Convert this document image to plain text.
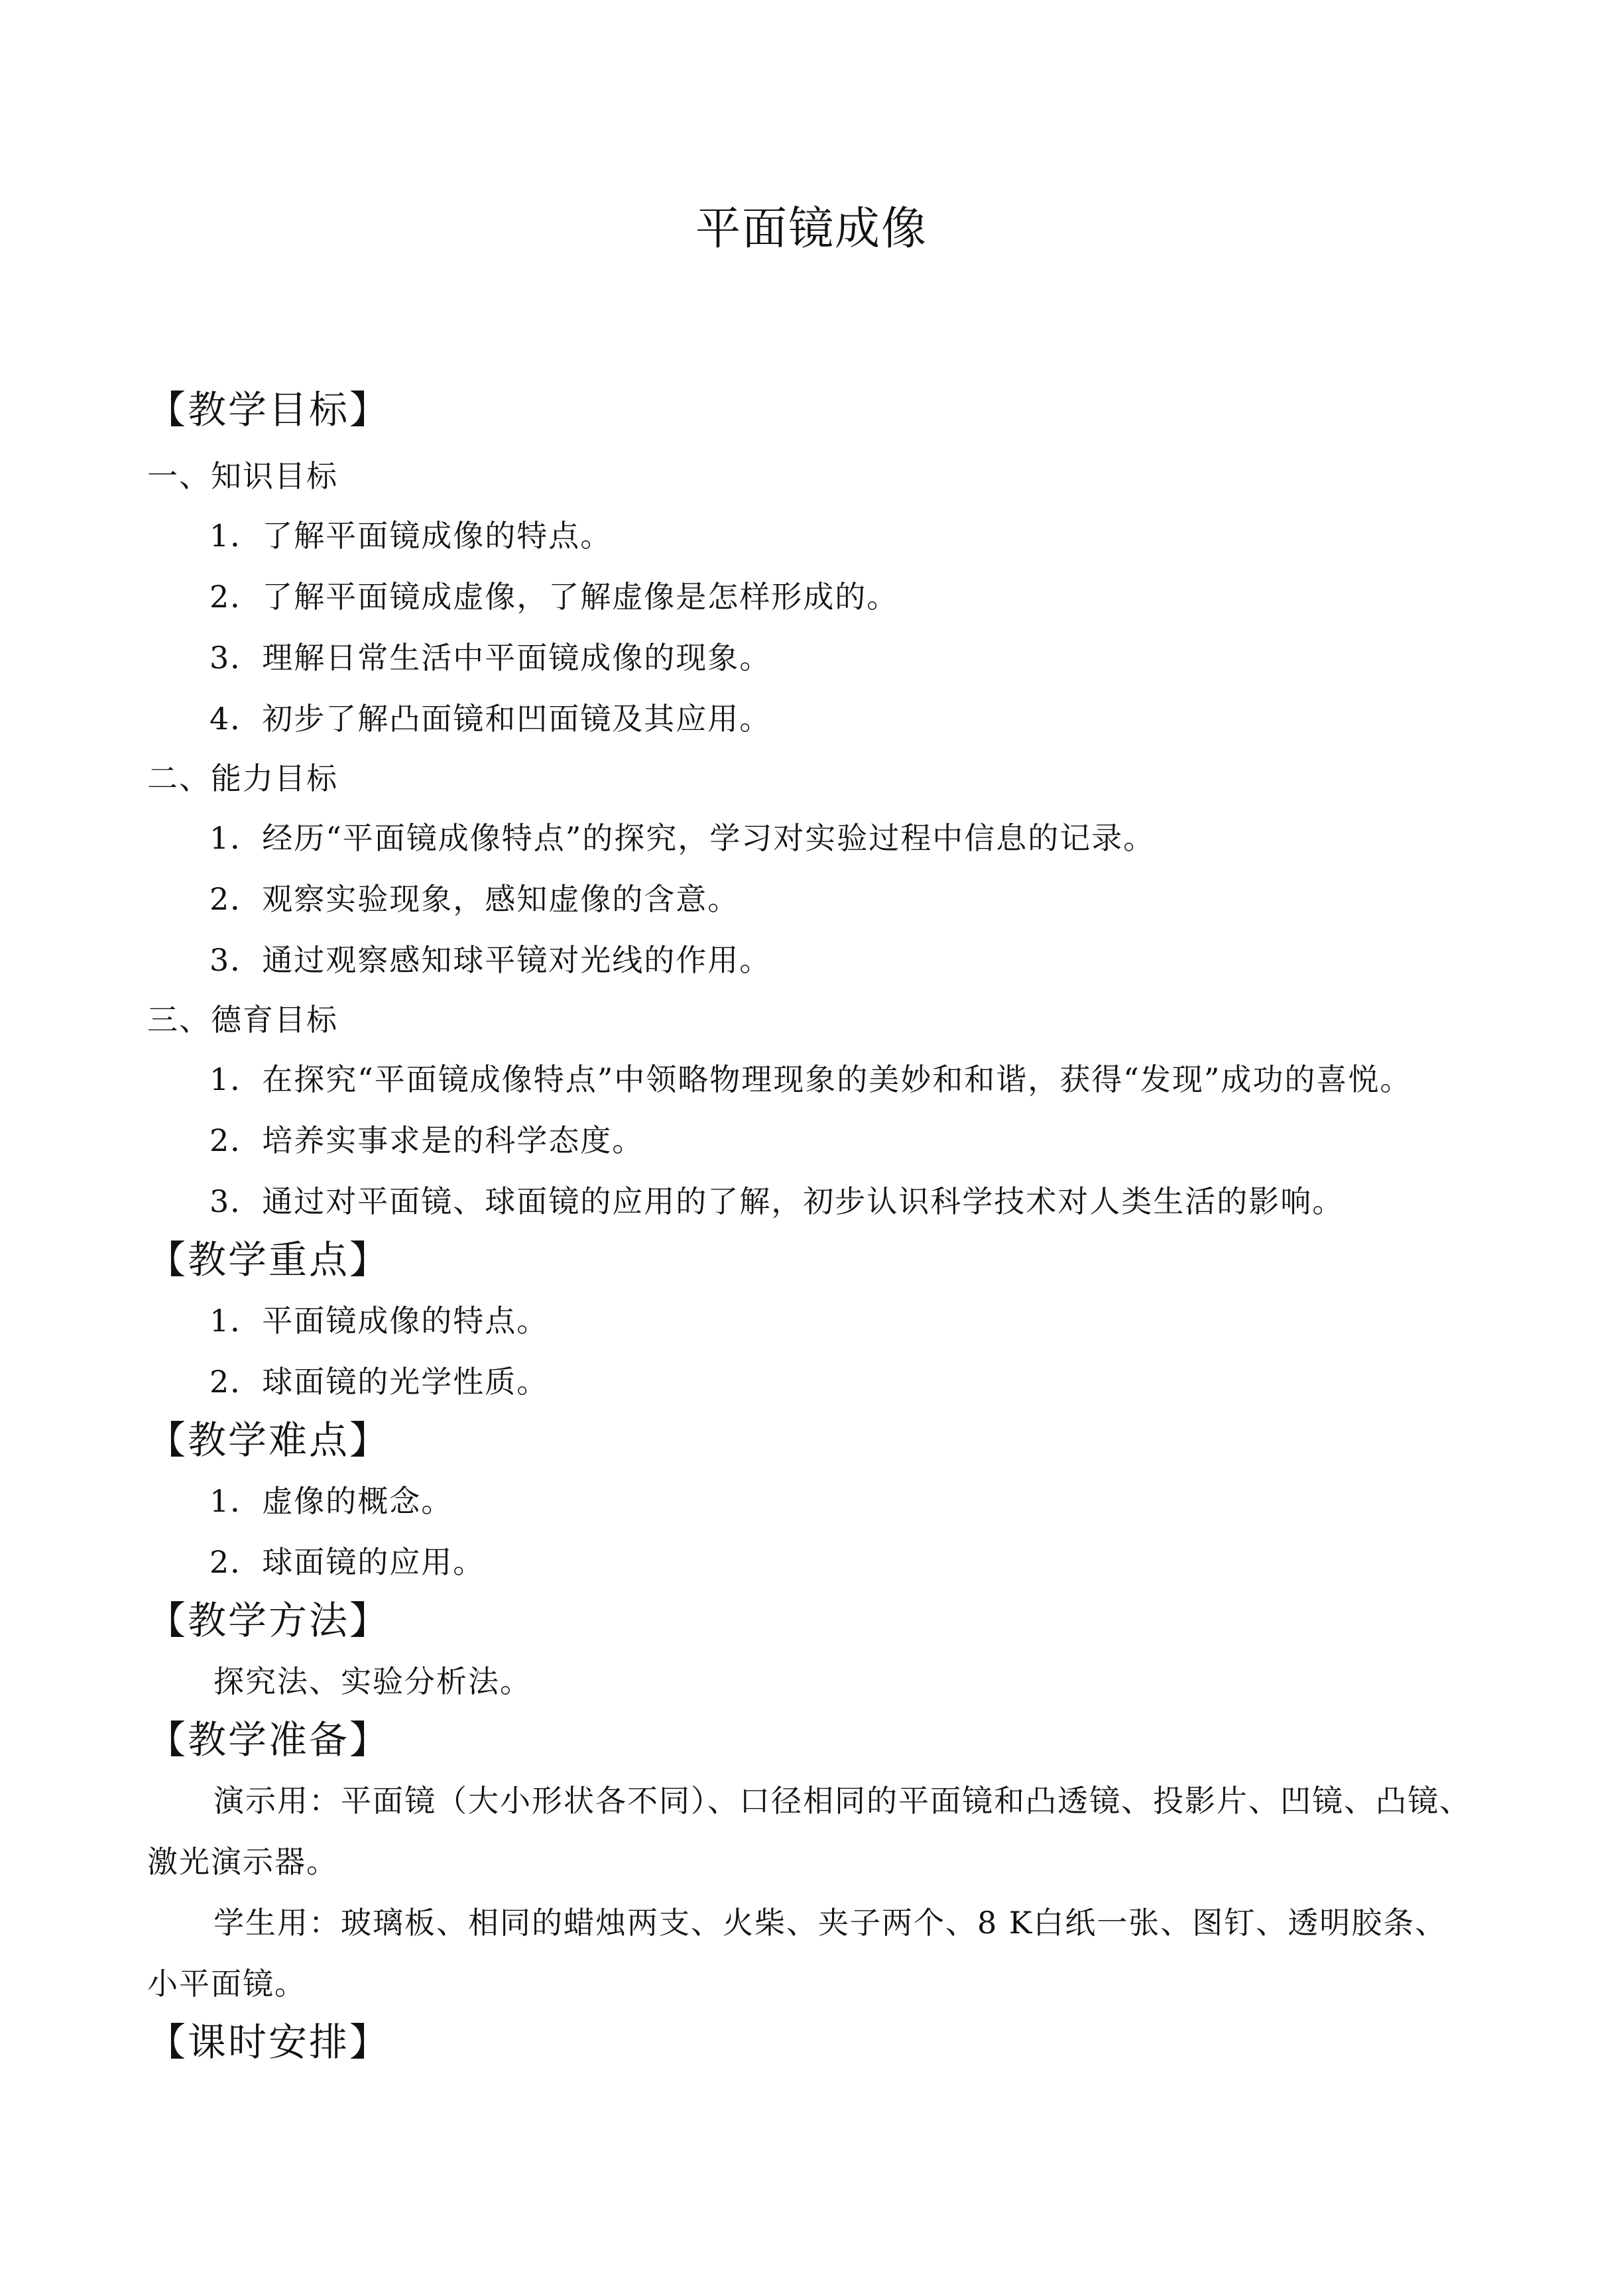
平面镜成像
【教学目标】
一、知识目标
1．了解平面镜成像的特点。
2．了解平面镜成虚像，了解虚像是怎样形成的。
3．理解日常生活中平面镜成像的现象。
4．初步了解凸面镜和凹面镜及其应用。
二、能力目标
1．经历“平面镜成像特点”的探究，学习对实验过程中信息的记录。
2．观察实验现象，感知虚像的含意。
3．通过观察感知球平镜对光线的作用。
三、德育目标
1．在探究“平面镜成像特点”中领略物理现象的美妙和和谐，获得“发现”成功的喜悦。
2．培养实事求是的科学态度。
3．通过对平面镜、球面镜的应用的了解，初步认识科学技术对人类生活的影响。
【教学重点】
1．平面镜成像的特点。
2．球面镜的光学性质。
【教学难点】
1．虚像的概念。
2．球面镜的应用。
【教学方法】
探究法、实验分析法。
【教学准备】
演示用：平面镜（大小形状各不同）、口径相同的平面镜和凸透镜、投影片、凹镜、凸镜、
激光演示器。
学生用：玻璃板、相同的蜡烛两支、火柴、夹子两个、8 K白纸一张、图钉、透明胶条、
小平面镜。
【课时安排】
